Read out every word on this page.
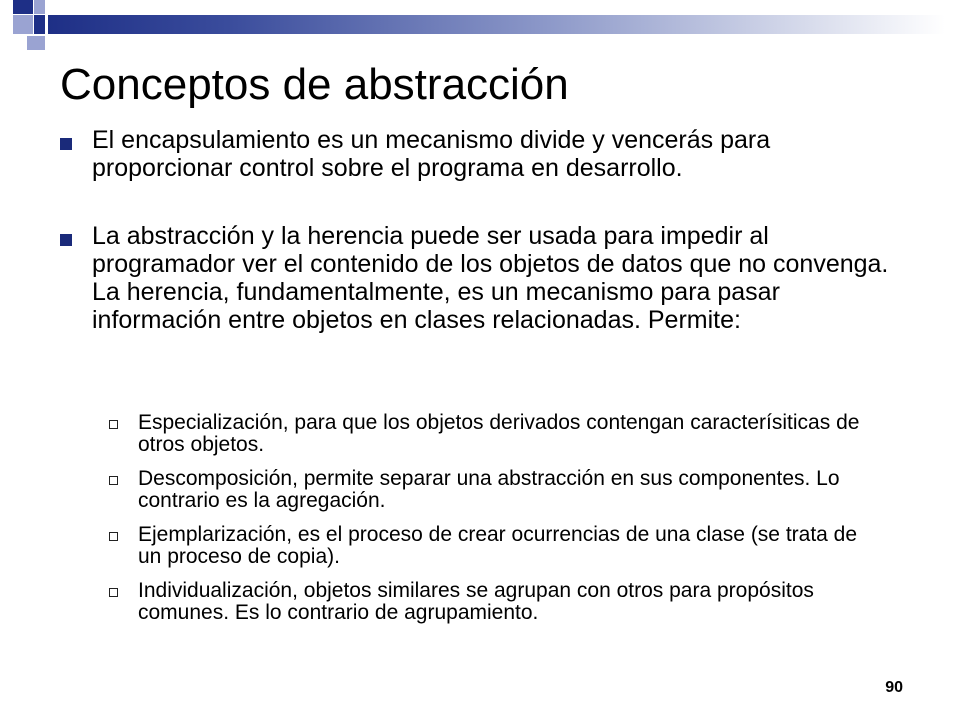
Conceptos de abstracción
El encapsulamiento es un mecanismo divide y vencerás para proporcionar control sobre el programa en desarrollo.
La abstracción y la herencia puede ser usada para impedir al programador ver el contenido de los objetos de datos que no convenga. La herencia, fundamentalmente, es un mecanismo para pasar información entre objetos en clases relacionadas. Permite:
Especialización, para que los objetos derivados contengan caracterísiticas de otros objetos.
Descomposición, permite separar una abstracción en sus componentes. Lo contrario es la agregación.
Ejemplarización, es el proceso de crear ocurrencias de una clase (se trata de un proceso de copia).
Individualización, objetos similares se agrupan con otros para propósitos comunes. Es lo contrario de agrupamiento.
90
